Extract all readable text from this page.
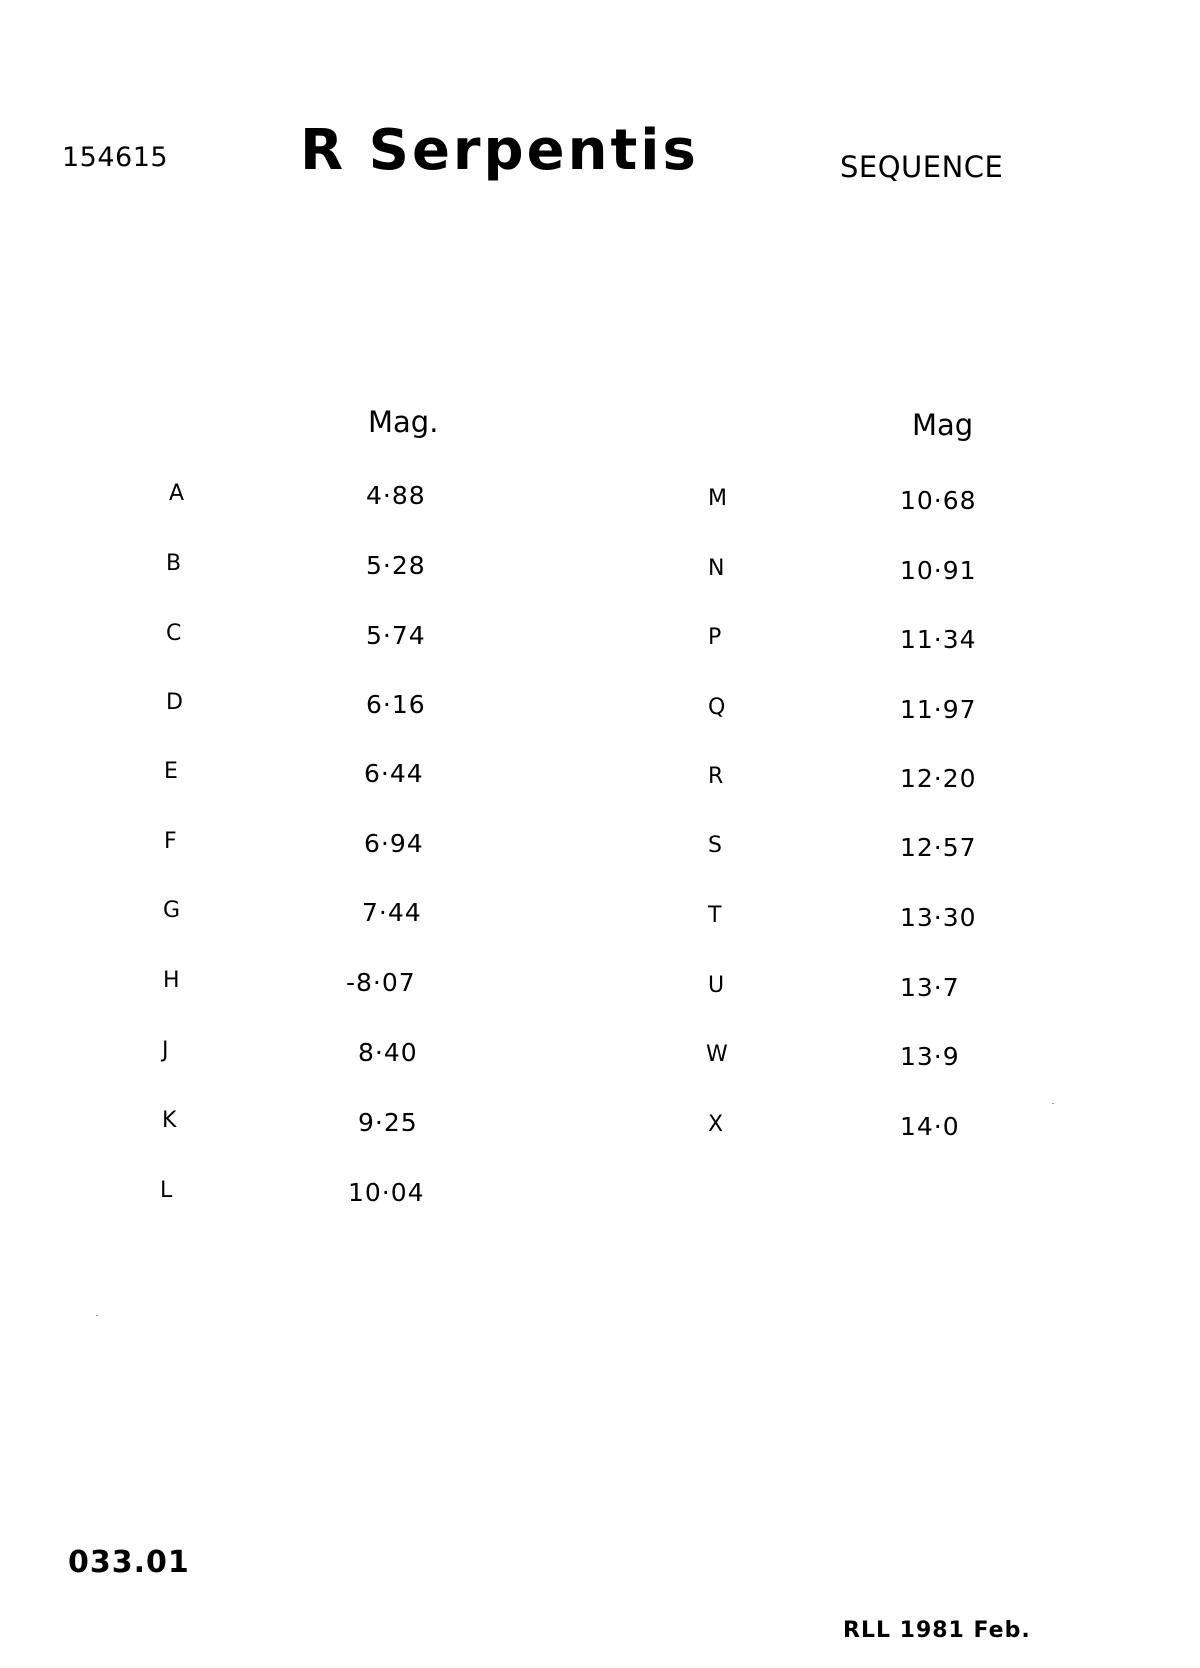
154615 R Serpentis	SEQUENCE
Mag.	Mag
A	4·88
B	5·28
C	5·74
D	6·16
E	6·44
F	6·94
G	7·44
H	-8·07
J	8·40
K	9·25
L	10·04
M	10·68
N	10·91
P	11·34
Q	11·97
R	12·20
S	12·57
T	13·30
U	13·7
W	13·9
X	14·0
033.01
RLL 1981 Feb.
